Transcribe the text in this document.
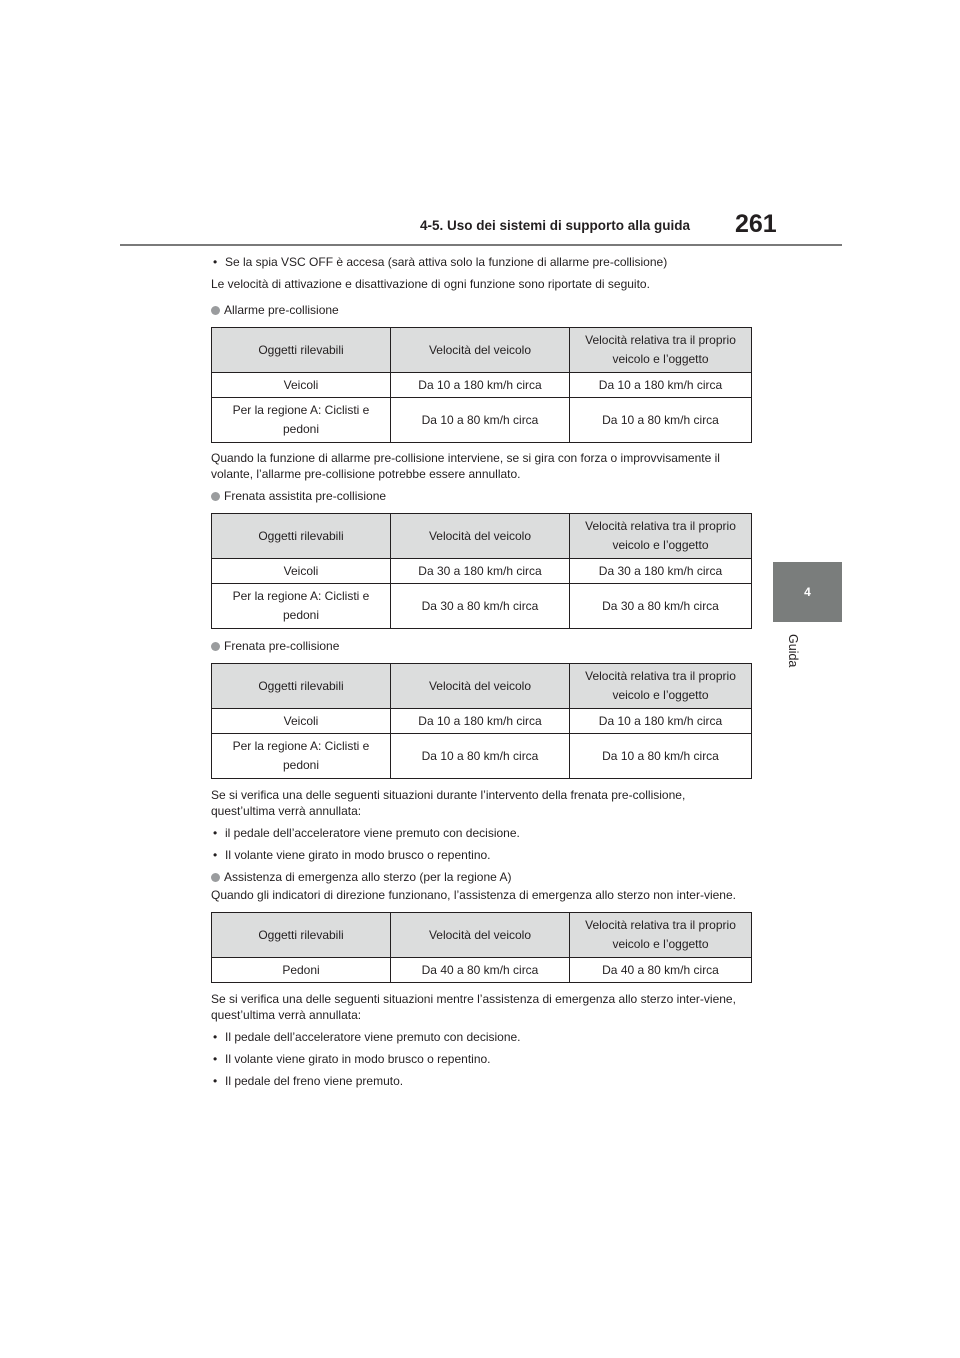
4-5. Uso dei sistemi di supporto alla guida 261
4
Guida

• Se la spia VSC OFF è accesa (sarà attiva solo la funzione di allarme pre-collisione)

Le velocità di attivazione e disattivazione di ogni funzione sono riportate di seguito.

Allarme pre-collisione

Oggetti rilevabili	Velocità del veicolo	Velocità relativa tra il proprio veicolo e l’oggetto
Veicoli	Da 10 a 180 km/h circa	Da 10 a 180 km/h circa
Per la regione A: Ciclisti e pedoni	Da 10 a 80 km/h circa	Da 10 a 80 km/h circa

Quando la funzione di allarme pre-collisione interviene, se si gira con forza o improvvisamente il volante, l’allarme pre-collisione potrebbe essere annullato.

Frenata assistita pre-collisione

Oggetti rilevabili	Velocità del veicolo	Velocità relativa tra il proprio veicolo e l’oggetto
Veicoli	Da 30 a 180 km/h circa	Da 30 a 180 km/h circa
Per la regione A: Ciclisti e pedoni	Da 30 a 80 km/h circa	Da 30 a 80 km/h circa

Frenata pre-collisione

Oggetti rilevabili	Velocità del veicolo	Velocità relativa tra il proprio veicolo e l’oggetto
Veicoli	Da 10 a 180 km/h circa	Da 10 a 180 km/h circa
Per la regione A: Ciclisti e pedoni	Da 10 a 80 km/h circa	Da 10 a 80 km/h circa

Se si verifica una delle seguenti situazioni durante l’intervento della frenata pre-collisione, quest’ultima verrà annullata:

• il pedale dell’acceleratore viene premuto con decisione.

• Il volante viene girato in modo brusco o repentino.

Assistenza di emergenza allo sterzo (per la regione A)

Quando gli indicatori di direzione funzionano, l’assistenza di emergenza allo sterzo non inter-viene.

Oggetti rilevabili	Velocità del veicolo	Velocità relativa tra il proprio veicolo e l’oggetto
Pedoni	Da 40 a 80 km/h circa	Da 40 a 80 km/h circa

Se si verifica una delle seguenti situazioni mentre l’assistenza di emergenza allo sterzo inter-viene, quest’ultima verrà annullata:

• Il pedale dell’acceleratore viene premuto con decisione.

• Il volante viene girato in modo brusco o repentino.

• Il pedale del freno viene premuto.
